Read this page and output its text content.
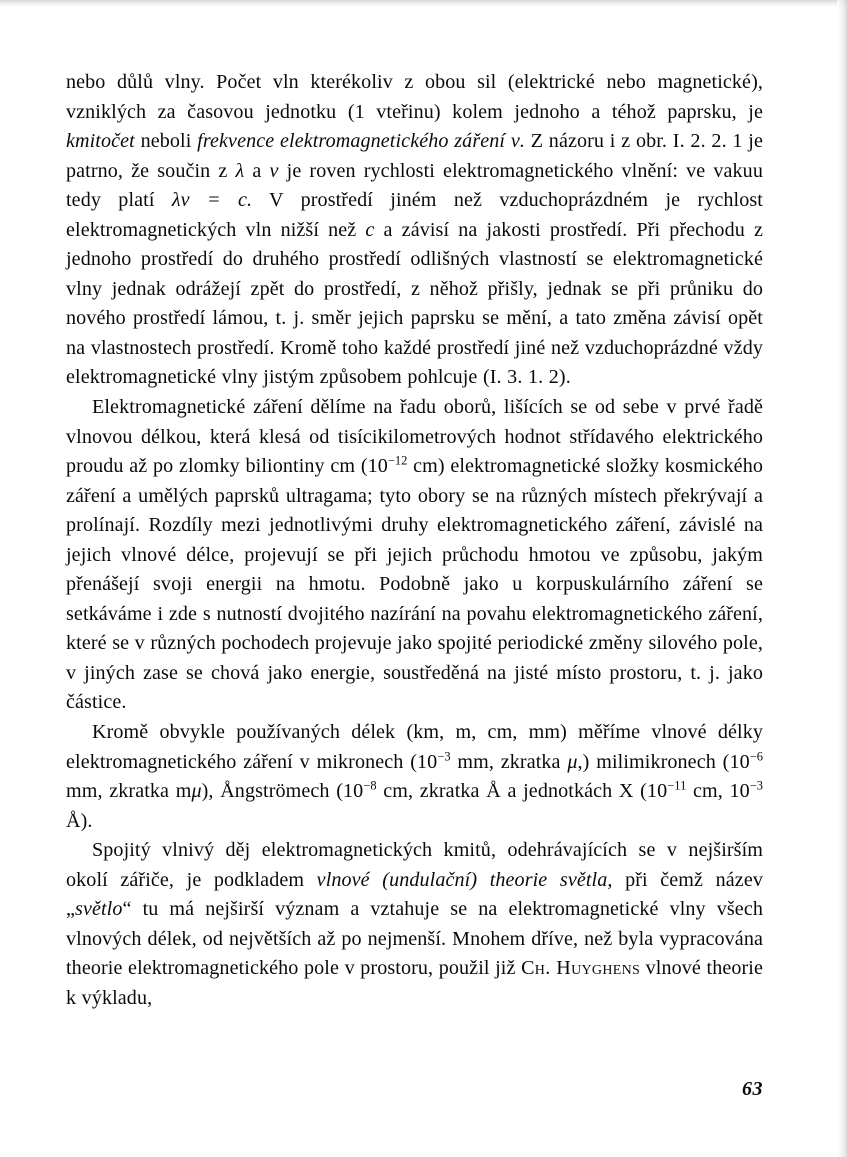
nebo důlů vlny. Počet vln kterékoliv z obou sil (elektrické nebo magnetické), vzniklých za časovou jednotku (1 vteřinu) kolem jednoho a téhož paprsku, je kmitočet neboli frekvence elektromagnetického záření ν. Z názoru i z obr. I. 2. 2. 1 je patrno, že součin z λ a ν je roven rychlosti elektromagnetického vlnění: ve vakuu tedy platí λν = c. V prostředí jiném než vzduchoprázdném je rychlost elektromagnetických vln nižší než c a závisí na jakosti prostředí. Při přechodu z jednoho prostředí do druhého prostředí odlišných vlastností se elektromagnetické vlny jednak odrážejí zpět do prostředí, z něhož přišly, jednak se při průniku do nového prostředí lámou, t. j. směr jejich paprsku se mění, a tato změna závisí opět na vlastnostech prostředí. Kromě toho každé prostředí jiné než vzduchoprázdné vždy elektromagnetické vlny jistým způsobem pohlcuje (I. 3. 1. 2).

Elektromagnetické záření dělíme na řadu oborů, lišících se od sebe v prvé řadě vlnovou délkou, která klesá od tisícikilometrových hodnot střídavého elektrického proudu až po zlomky biliontiny cm ($10^{-12}$ cm) elektromagnetické složky kosmického záření a umělých paprsků ultragama; tyto obory se na různých místech překrývají a prolínají. Rozdíly mezi jednotlivými druhy elektromagnetického záření, závislé na jejich vlnové délce, projevují se při jejich průchodu hmotou ve způsobu, jakým přenášejí svoji energii na hmotu. Podobně jako u korpuskulárního záření se setkáváme i zde s nutností dvojitého nazírání na povahu elektromagnetického záření, které se v různých pochodech projevuje jako spojité periodické změny silového pole, v jiných zase se chová jako energie, soustředěná na jisté místo prostoru, t. j. jako částice.

Kromě obvykle používaných délek (km, m, cm, mm) měříme vlnové délky elektromagnetického záření v mikronech ($10^{-3}$ mm, zkratka μ,) milimikronech ($10^{-6}$ mm, zkratka mμ), Ångströmech ($10^{-8}$ cm, zkratka Å a jednotkách X ($10^{-11}$ cm, $10^{-3}$ Å).

Spojitý vlnivý děj elektromagnetických kmitů, odehrávajících se v nejširším okolí zářiče, je podkladem vlnové (undulační) theorie světla, při čemž název „světlo“ tu má nejširší význam a vztahuje se na elektromagnetické vlny všech vlnových délek, od největších až po nejmenší. Mnohem dříve, než byla vypracována theorie elektromagnetického pole v prostoru, použil již Ch. Huyghens vlnové theorie k výkladu,

63
